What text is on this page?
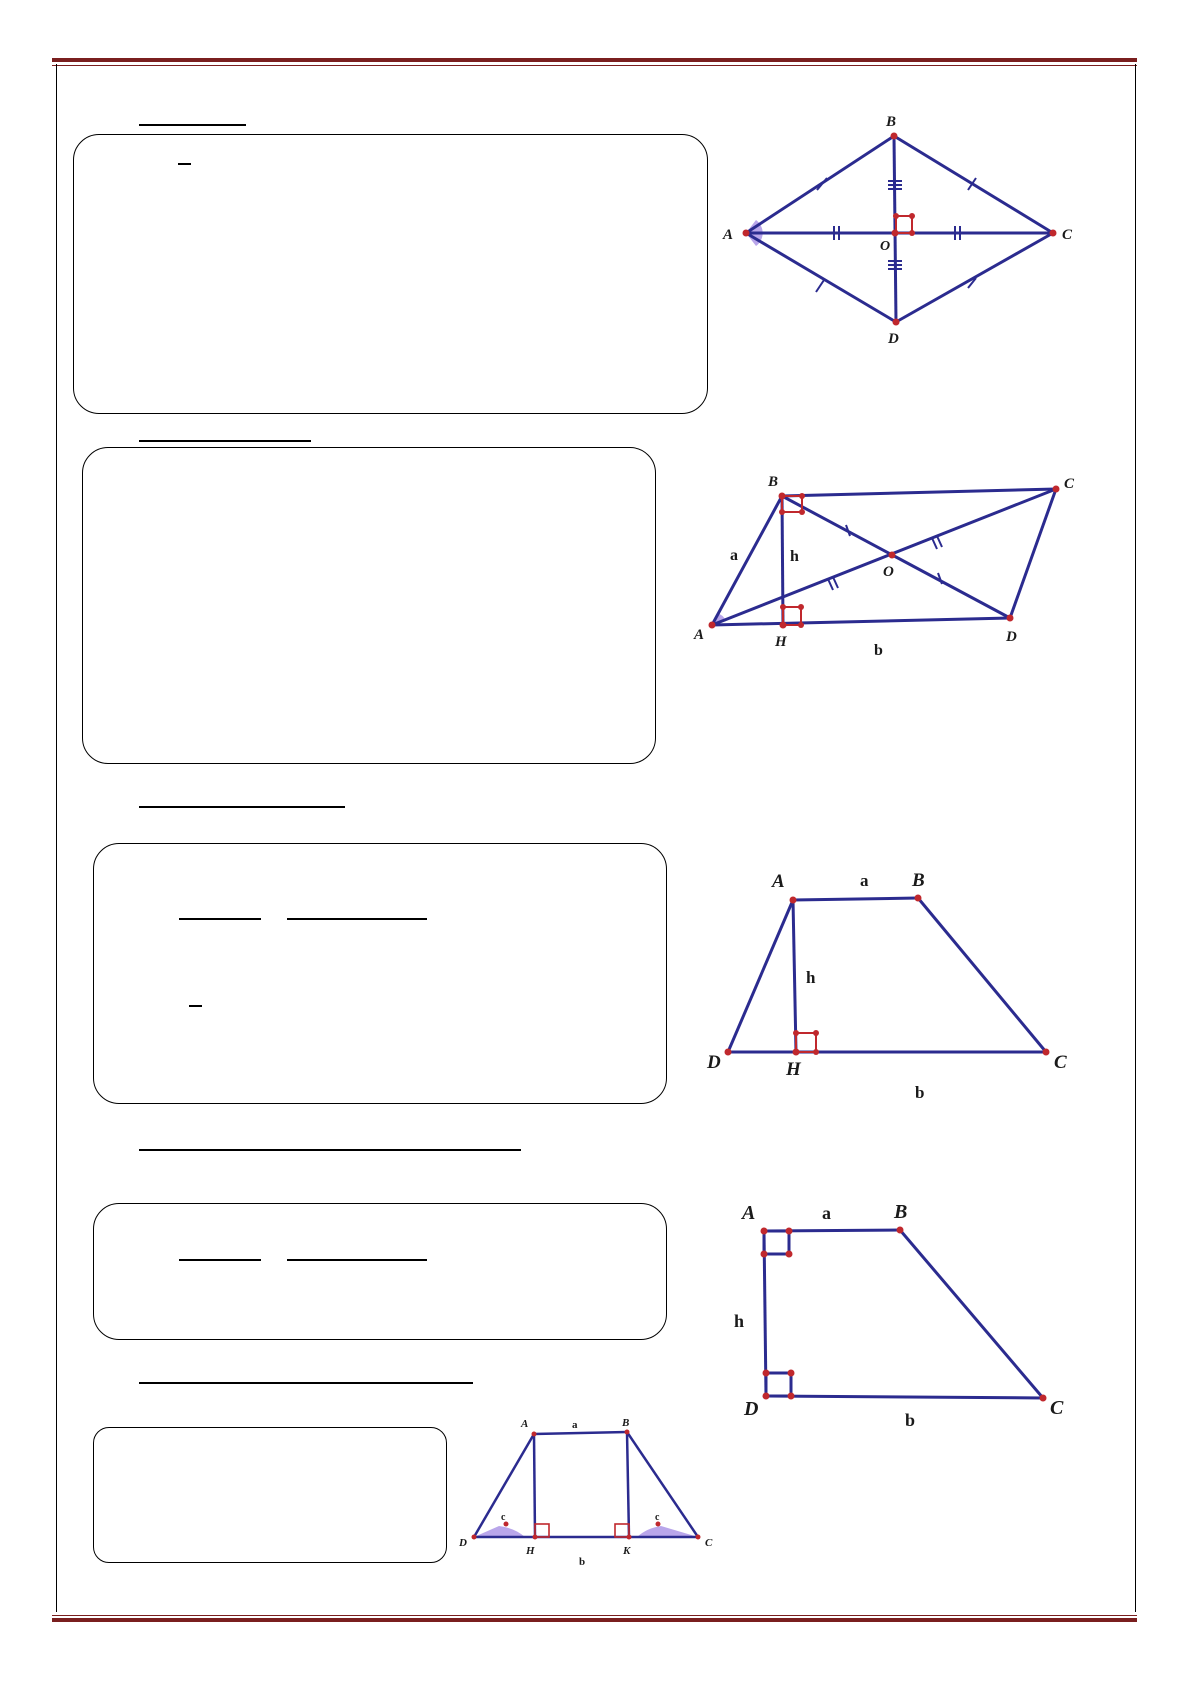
A
B
C
D
O
A
B	C
D
O
H
a	h
b
A	B
C
D	H
a
h
b
A	B
C
D
a
h
b
A	B
C
D
H	K
a
b
c	c
